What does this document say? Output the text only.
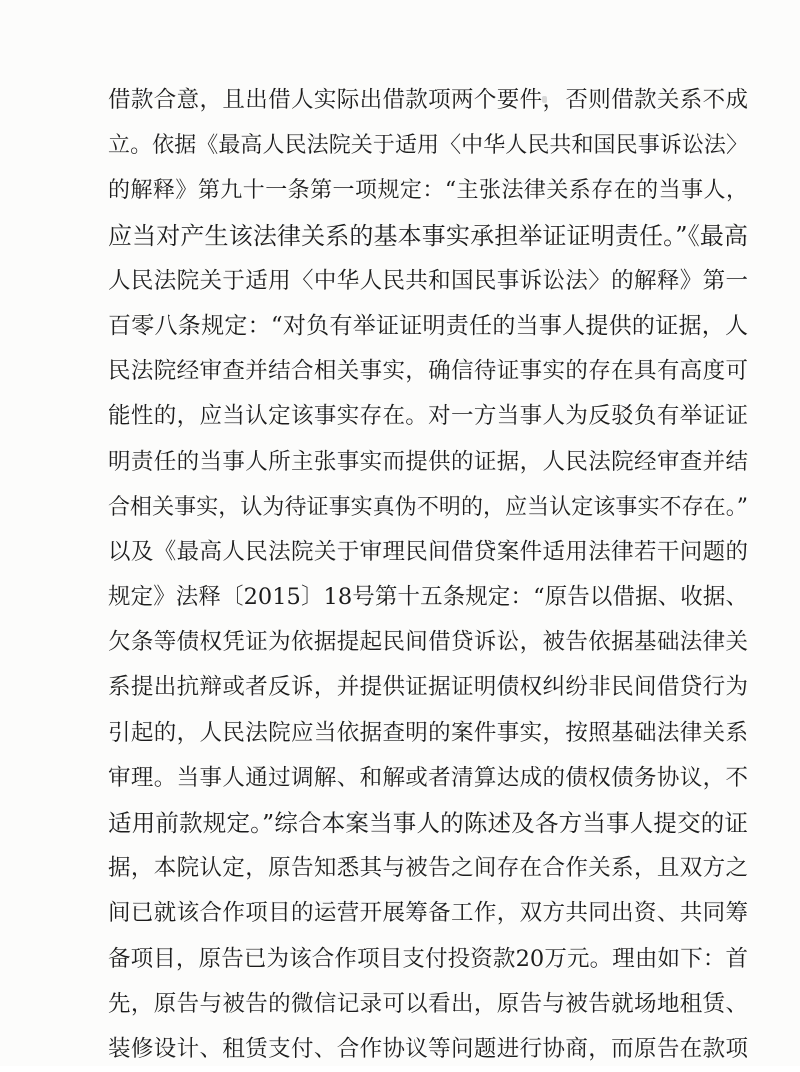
借款合意，且出借人实际出借款项两个要件，否则借款关系不成
立。依据《最高人民法院关于适用〈中华人民共和国民事诉讼法〉
的解释》第九十一条第一项规定：“主张法律关系存在的当事人，
应当对产生该法律关系的基本事实承担举证证明责任。”《最高
人民法院关于适用〈中华人民共和国民事诉讼法〉的解释》第一
百零八条规定：“对负有举证证明责任的当事人提供的证据，人
民法院经审查并结合相关事实，确信待证事实的存在具有高度可
能性的，应当认定该事实存在。对一方当事人为反驳负有举证证
明责任的当事人所主张事实而提供的证据，人民法院经审查并结
合相关事实，认为待证事实真伪不明的，应当认定该事实不存在。”
以及《最高人民法院关于审理民间借贷案件适用法律若干问题的
规定》法释〔2015〕18号第十五条规定：“原告以借据、收据、
欠条等债权凭证为依据提起民间借贷诉讼，被告依据基础法律关
系提出抗辩或者反诉，并提供证据证明债权纠纷非民间借贷行为
引起的，人民法院应当依据查明的案件事实，按照基础法律关系
审理。当事人通过调解、和解或者清算达成的债权债务协议，不
适用前款规定。”综合本案当事人的陈述及各方当事人提交的证
据，本院认定，原告知悉其与被告之间存在合作关系，且双方之
间已就该合作项目的运营开展筹备工作，双方共同出资、共同筹
备项目，原告已为该合作项目支付投资款20万元。理由如下：首
先，原告与被告的微信记录可以看出，原告与被告就场地租赁、
装修设计、租赁支付、合作协议等问题进行协商，而原告在款项
